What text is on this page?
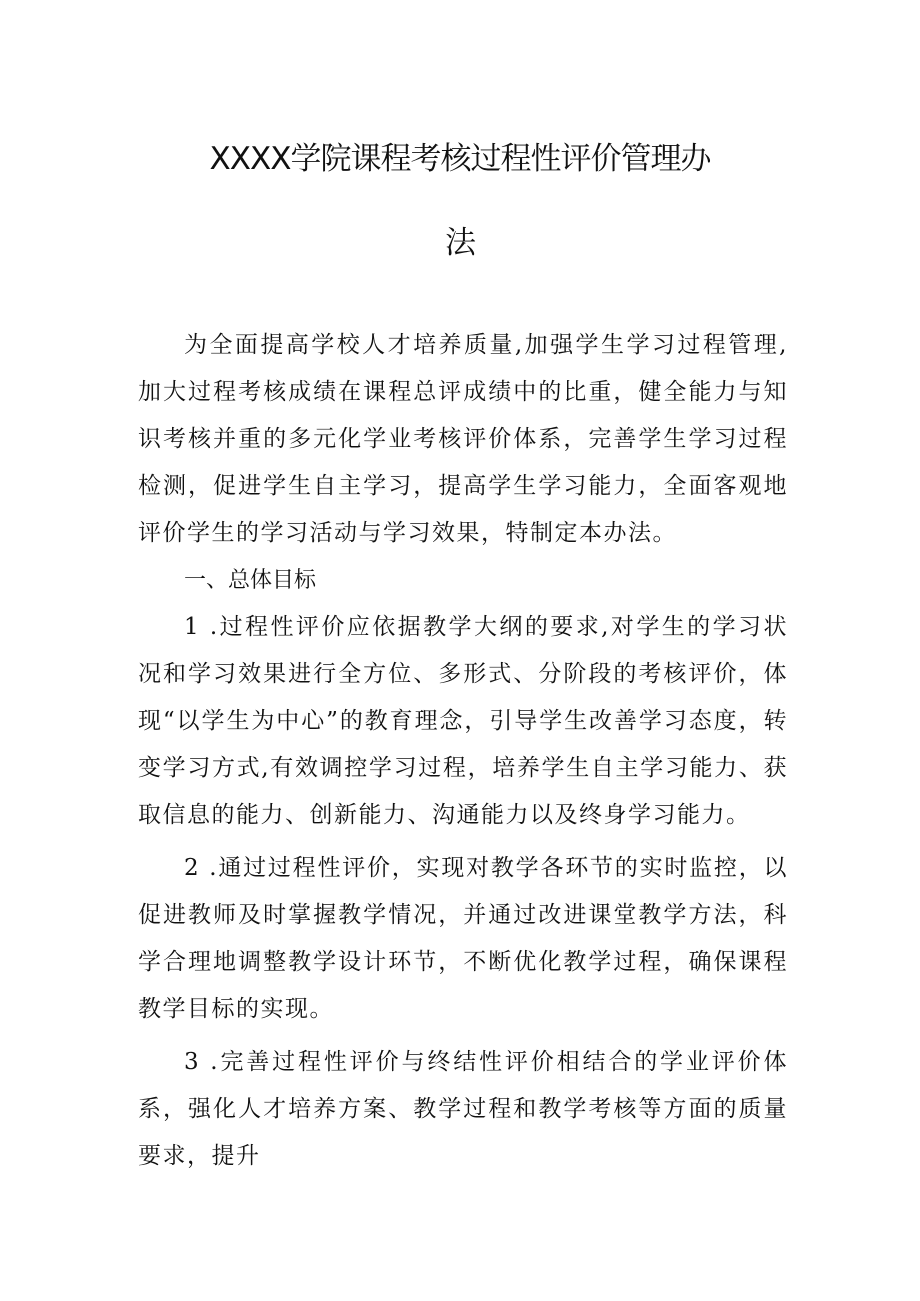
XXXX学院课程考核过程性评价管理办
法

为全面提高学校人才培养质量,加强学生学习过程管理,加大过程考核成绩在课程总评成绩中的比重，健全能力与知识考核并重的多元化学业考核评价体系，完善学生学习过程检测，促进学生自主学习，提高学生学习能力，全面客观地评价学生的学习活动与学习效果，特制定本办法。

一、总体目标

1 .过程性评价应依据教学大纲的要求,对学生的学习状况和学习效果进行全方位、多形式、分阶段的考核评价，体现“以学生为中心”的教育理念，引导学生改善学习态度，转变学习方式,有效调控学习过程，培养学生自主学习能力、获取信息的能力、创新能力、沟通能力以及终身学习能力。

2 .通过过程性评价，实现对教学各环节的实时监控，以促进教师及时掌握教学情况，并通过改进课堂教学方法，科学合理地调整教学设计环节，不断优化教学过程，确保课程教学目标的实现。

3 .完善过程性评价与终结性评价相结合的学业评价体系，强化人才培养方案、教学过程和教学考核等方面的质量要求，提升
